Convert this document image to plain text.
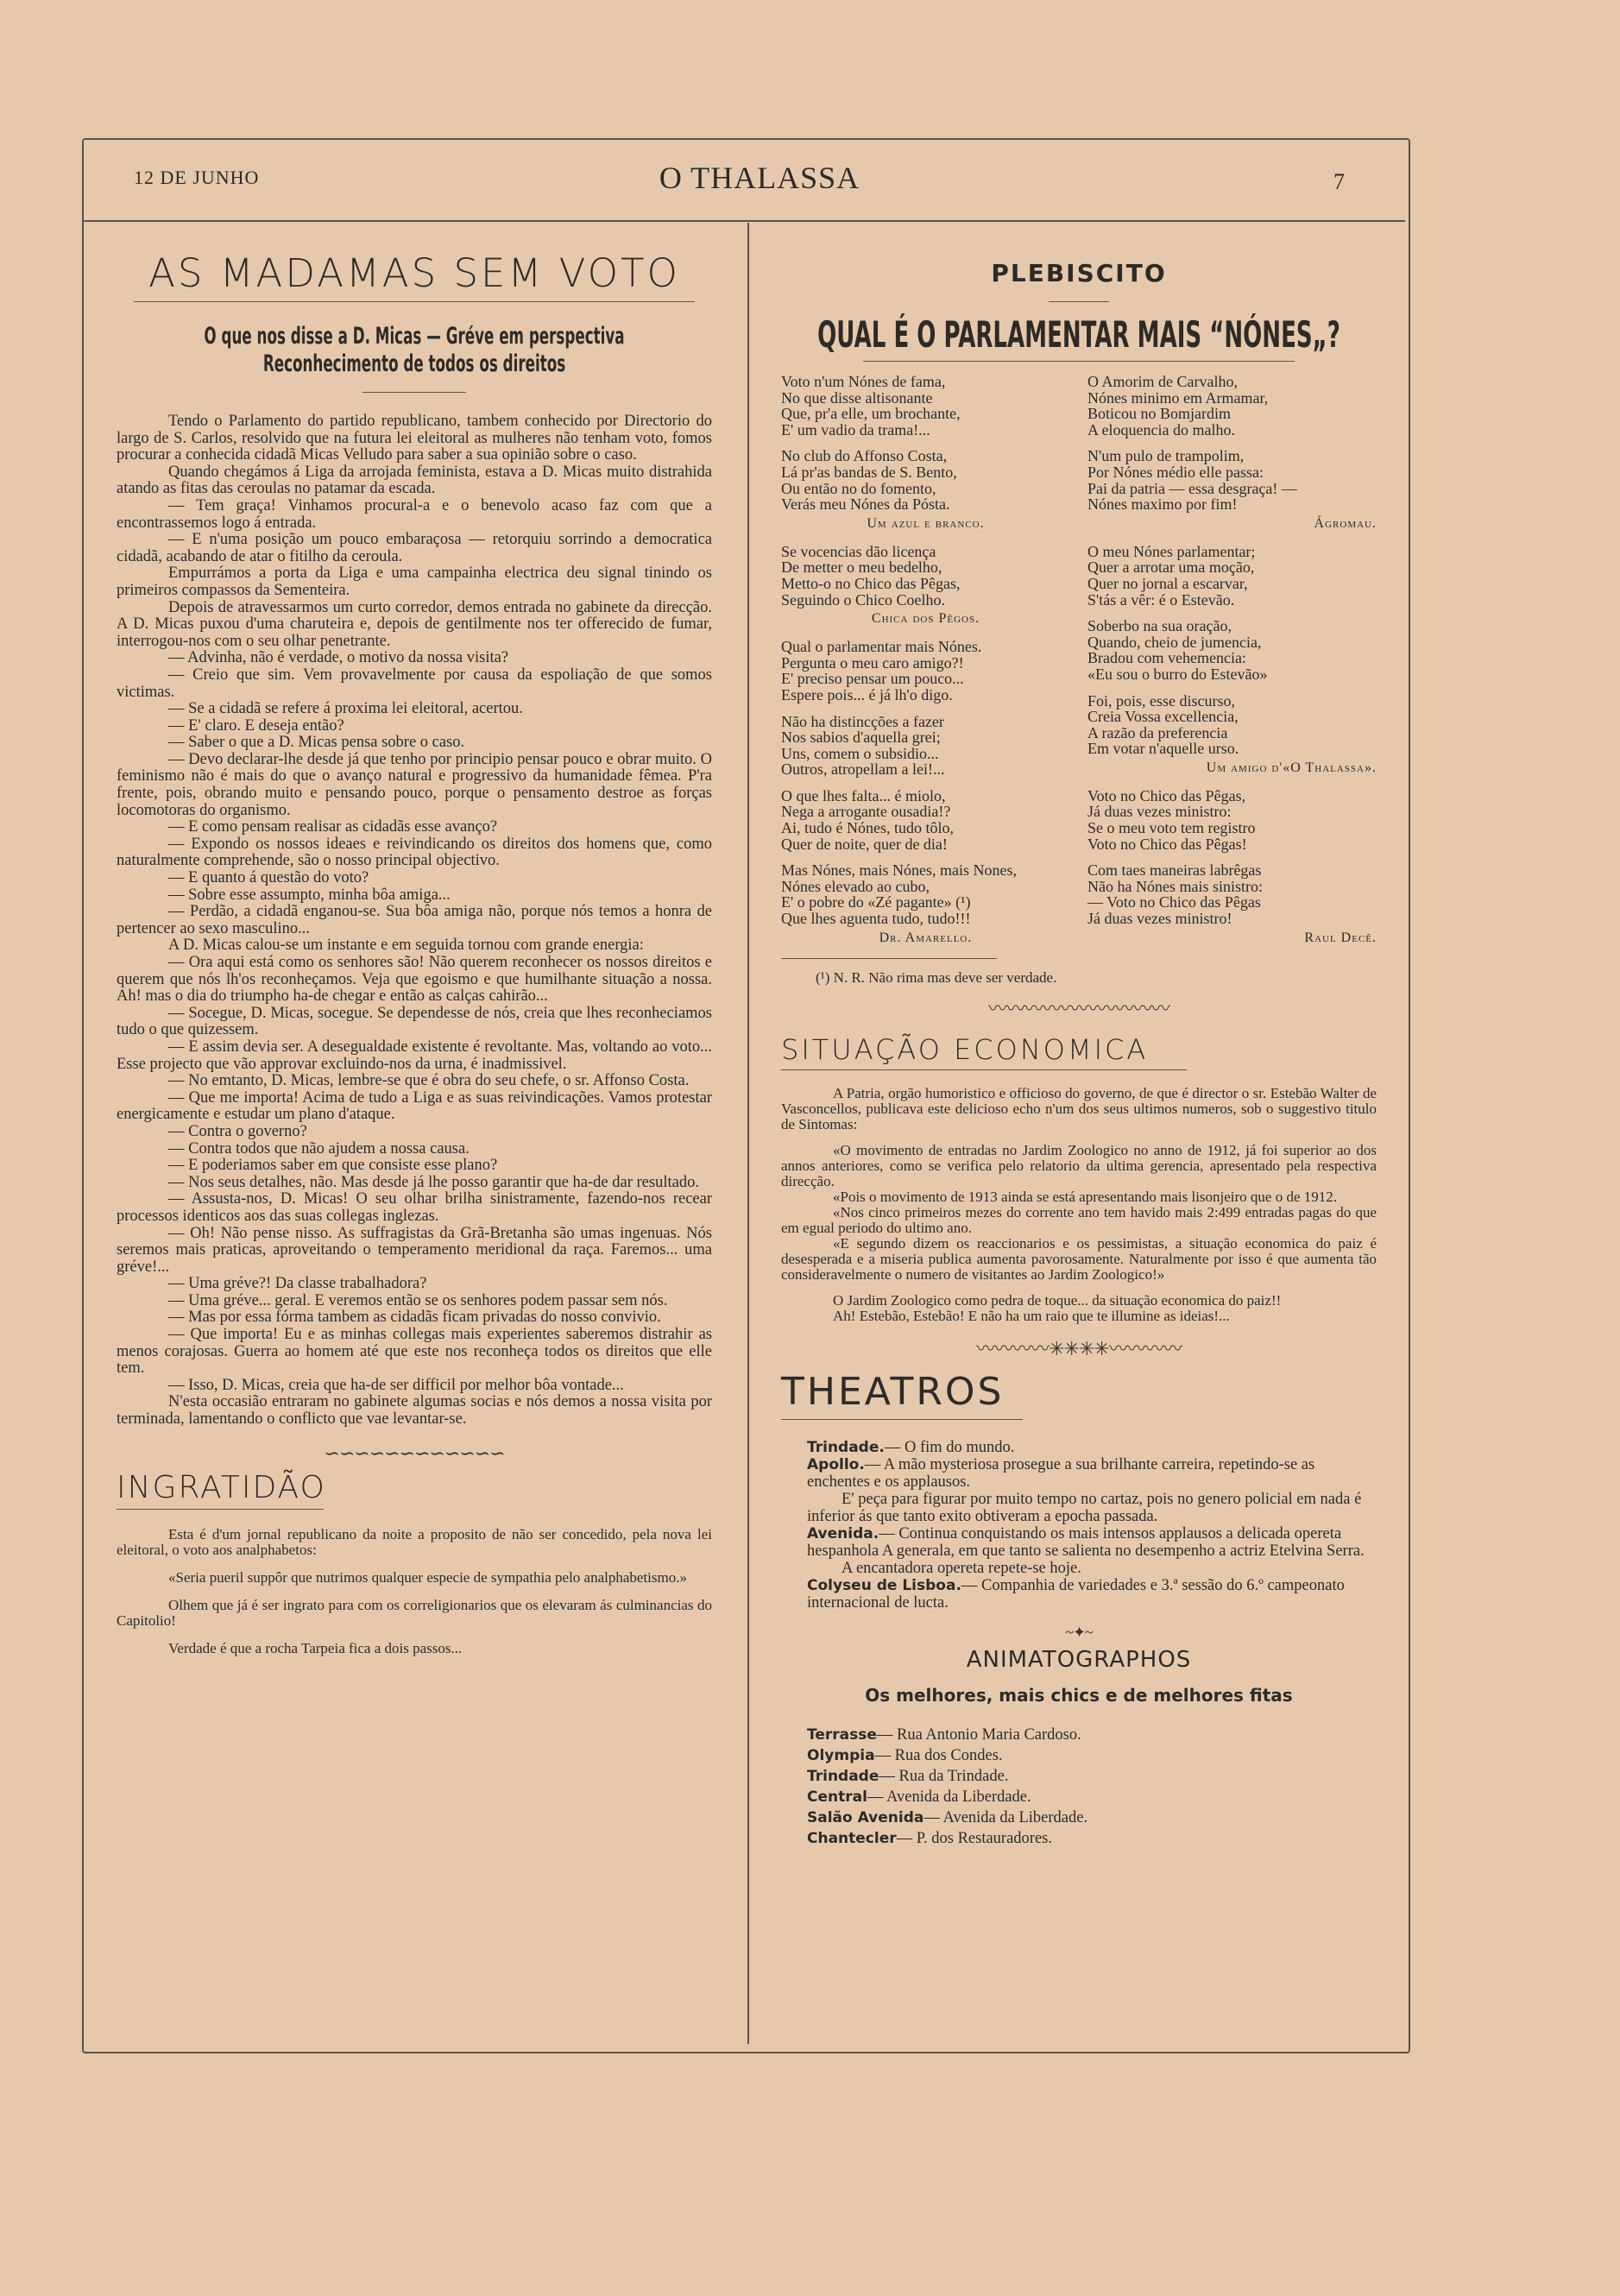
12 DE JUNHO	O THALASSA	7
AS MADAMAS SEM VOTO
O que nos disse a D. Micas — Gréve em perspectiva
Reconhecimento de todos os direitos

Tendo o Parlamento do partido republicano, tambem conhecido por Directorio do largo de S. Carlos, resolvido que na futura lei eleitoral as mulheres não tenham voto, fomos procurar a conhecida cidadã Micas Velludo para saber a sua opinião sobre o caso.

Quando chegámos á Liga da arrojada feminista, estava a D. Micas muito distrahida atando as fitas das ceroulas no patamar da escada.

— Tem graça! Vinhamos procural-a e o benevolo acaso faz com que a encontrassemos logo á entrada.

— E n'uma posição um pouco embaraçosa — retorquiu sorrindo a democratica cidadã, acabando de atar o fitilho da ceroula.

Empurrámos a porta da Liga e uma campainha electrica deu signal tinindo os primeiros compassos da Sementeira.

Depois de atravessarmos um curto corredor, demos entrada no gabinete da direcção. A D. Micas puxou d'uma charuteira e, depois de gentilmente nos ter offerecido de fumar, interrogou-nos com o seu olhar penetrante.

— Advinha, não é verdade, o motivo da nossa visita?

— Creio que sim. Vem provavelmente por causa da espoliação de que somos victimas.

— Se a cidadã se refere á proxima lei eleitoral, acertou.

— E' claro. E deseja então?

— Saber o que a D. Micas pensa sobre o caso.

— Devo declarar-lhe desde já que tenho por principio pensar pouco e obrar muito. O feminismo não é mais do que o avanço natural e progressivo da humanidade fêmea. P'ra frente, pois, obrando muito e pensando pouco, porque o pensamento destroe as forças locomotoras do organismo.

— E como pensam realisar as cidadãs esse avanço?

— Expondo os nossos ideaes e reivindicando os direitos dos homens que, como naturalmente comprehende, são o nosso principal objectivo.

— E quanto á questão do voto?

— Sobre esse assumpto, minha bôa amiga...

— Perdão, a cidadã enganou-se. Sua bôa amiga não, porque nós temos a honra de pertencer ao sexo masculino...

A D. Micas calou-se um instante e em seguida tornou com grande energia:

— Ora aqui está como os senhores são! Não querem reconhecer os nossos direitos e querem que nós lh'os reconheçamos. Veja que egoismo e que humilhante situação a nossa. Ah! mas o dia do triumpho ha-de chegar e então as calças cahirão...

— Socegue, D. Micas, socegue. Se dependesse de nós, creia que lhes reconheciamos tudo o que quizessem.

— E assim devia ser. A desegualdade existente é revoltante. Mas, voltando ao voto... Esse projecto que vão approvar excluindo-nos da urna, é inadmissivel.

— No emtanto, D. Micas, lembre-se que é obra do seu chefe, o sr. Affonso Costa.

— Que me importa! Acima de tudo a Liga e as suas reivindicações. Vamos protestar energicamente e estudar um plano d'ataque.

— Contra o governo?

— Contra todos que não ajudem a nossa causa.

— E poderiamos saber em que consiste esse plano?

— Nos seus detalhes, não. Mas desde já lhe posso garantir que ha-de dar resultado.

— Assusta-nos, D. Micas! O seu olhar brilha sinistramente, fazendo-nos recear processos identicos aos das suas collegas inglezas.

— Oh! Não pense nisso. As suffragistas da Grã-Bretanha são umas ingenuas. Nós seremos mais praticas, aproveitando o temperamento meridional da raça. Faremos... uma gréve!...

— Uma gréve?! Da classe trabalhadora?

— Uma gréve... geral. E veremos então se os senhores podem passar sem nós.

— Mas por essa fórma tambem as cidadãs ficam privadas do nosso convivio.

— Que importa! Eu e as minhas collegas mais experientes saberemos distrahir as menos corajosas. Guerra ao homem até que este nos reconheça todos os direitos que elle tem.

— Isso, D. Micas, creia que ha-de ser difficil por melhor bôa vontade...

N'esta occasião entraram no gabinete algumas socias e nós demos a nossa visita por terminada, lamentando o conflicto que vae levantar-se.

∽∽∽∽∽∽∽∽∽∽∽∽
INGRATIDÃO

Esta é d'um jornal republicano da noite a proposito de não ser concedido, pela nova lei eleitoral, o voto aos analphabetos:

«Seria pueril suppôr que nutrimos qualquer especie de sympathia pelo analphabetismo.»

Olhem que já é ser ingrato para com os correligionarios que os elevaram ás culminancias do Capitolio!

Verdade é que a rocha Tarpeia fica a dois passos...

PLEBISCITO
QUAL É O PARLAMENTAR MAIS “NÓNES„?
Voto n'um Nónes de fama,
No que disse altisonante
Que, pr'a elle, um brochante,
E' um vadio da trama!...
No club do Affonso Costa,
Lá pr'as bandas de S. Bento,
Ou então no do fomento,
Verás meu Nónes da Pósta.
Um azul e branco.
Se vocencias dão licença
De metter o meu bedelho,
Metto-o no Chico das Pêgas,
Seguindo o Chico Coelho.
Chica dos Pêgos.
Qual o parlamentar mais Nónes.
Pergunta o meu caro amigo?!
E' preciso pensar um pouco...
Espere pois... é já lh'o digo.
Não ha distincções a fazer
Nos sabios d'aquella grei;
Uns, comem o subsidio...
Outros, atropellam a lei!...
O que lhes falta... é miolo,
Nega a arrogante ousadia!?
Ai, tudo é Nónes, tudo tôlo,
Quer de noite, quer de dia!
Mas Nónes, mais Nónes, mais Nones,
Nónes elevado ao cubo,
E' o pobre do «Zé pagante» (¹)
Que lhes aguenta tudo, tudo!!!
Dr. Amarello.
O Amorim de Carvalho,
Nónes minimo em Armamar,
Boticou no Bomjardim
A eloquencia do malho.
N'um pulo de trampolim,
Por Nónes médio elle passa:
Pai da patria — essa desgraça! —
Nónes maximo por fim!
Ágromau.
O meu Nónes parlamentar;
Quer a arrotar uma moção,
Quer no jornal a escarvar,
S'tás a vêr: é o Estevão.
Soberbo na sua oração,
Quando, cheio de jumencia,
Bradou com vehemencia:
«Eu sou o burro do Estevão»
Foi, pois, esse discurso,
Creia Vossa excellencia,
A razão da preferencia
Em votar n'aquelle urso.
Um amigo d'«O Thalassa».
Voto no Chico das Pêgas,
Já duas vezes ministro:
Se o meu voto tem registro
Voto no Chico das Pêgas!
Com taes maneiras labrêgas
Não ha Nónes mais sinistro:
— Voto no Chico das Pêgas
Já duas vezes ministro!
Raul Decê.
(¹) N. R. Não rima mas deve ser verdade.
〰〰〰〰〰〰〰〰〰〰
SITUAÇÃO ECONOMICA

A Patria, orgão humoristico e officioso do governo, de que é director o sr. Estebão Walter de Vasconcellos, publicava este delicioso echo n'um dos seus ultimos numeros, sob o suggestivo titulo de Sintomas:

«O movimento de entradas no Jardim Zoologico no anno de 1912, já foi superior ao dos annos anteriores, como se verifica pelo relatorio da ultima gerencia, apresentado pela respectiva direcção.

«Pois o movimento de 1913 ainda se está apresentando mais lisonjeiro que o de 1912.

«Nos cinco primeiros mezes do corrente ano tem havido mais 2:499 entradas pagas do que em egual periodo do ultimo ano.

«E segundo dizem os reaccionarios e os pessimistas, a situação economica do paiz é desesperada e a miseria publica aumenta pavorosamente. Naturalmente por isso é que aumenta tão consideravelmente o numero de visitantes ao Jardim Zoologico!»

O Jardim Zoologico como pedra de toque... da situação economica do paiz!!

Ah! Estebão, Estebão! E não ha um raio que te illumine as ideias!...

〰〰〰〰✳✳✳✳〰〰〰〰
THEATROS

Trindade.— O fim do mundo.

Apollo.— A mão mysteriosa prosegue a sua brilhante carreira, repetindo-se as enchentes e os applausos.

E' peça para figurar por muito tempo no cartaz, pois no genero policial em nada é inferior ás que tanto exito obtiveram a epocha passada.

Avenida.— Continua conquistando os mais intensos applausos a delicada opereta hespanhola A generala, em que tanto se salienta no desempenho a actriz Etelvina Serra.

A encantadora opereta repete-se hoje.

Colyseu de Lisboa.— Companhia de variedades e 3.ª sessão do 6.º campeonato internacional de lucta.

~✦~
ANIMATOGRAPHOS
Os melhores, mais chics e de melhores fitas

Terrasse— Rua Antonio Maria Cardoso.

Olympia— Rua dos Condes.

Trindade— Rua da Trindade.

Central— Avenida da Liberdade.

Salão Avenida— Avenida da Liberdade.

Chantecler— P. dos Restauradores.
